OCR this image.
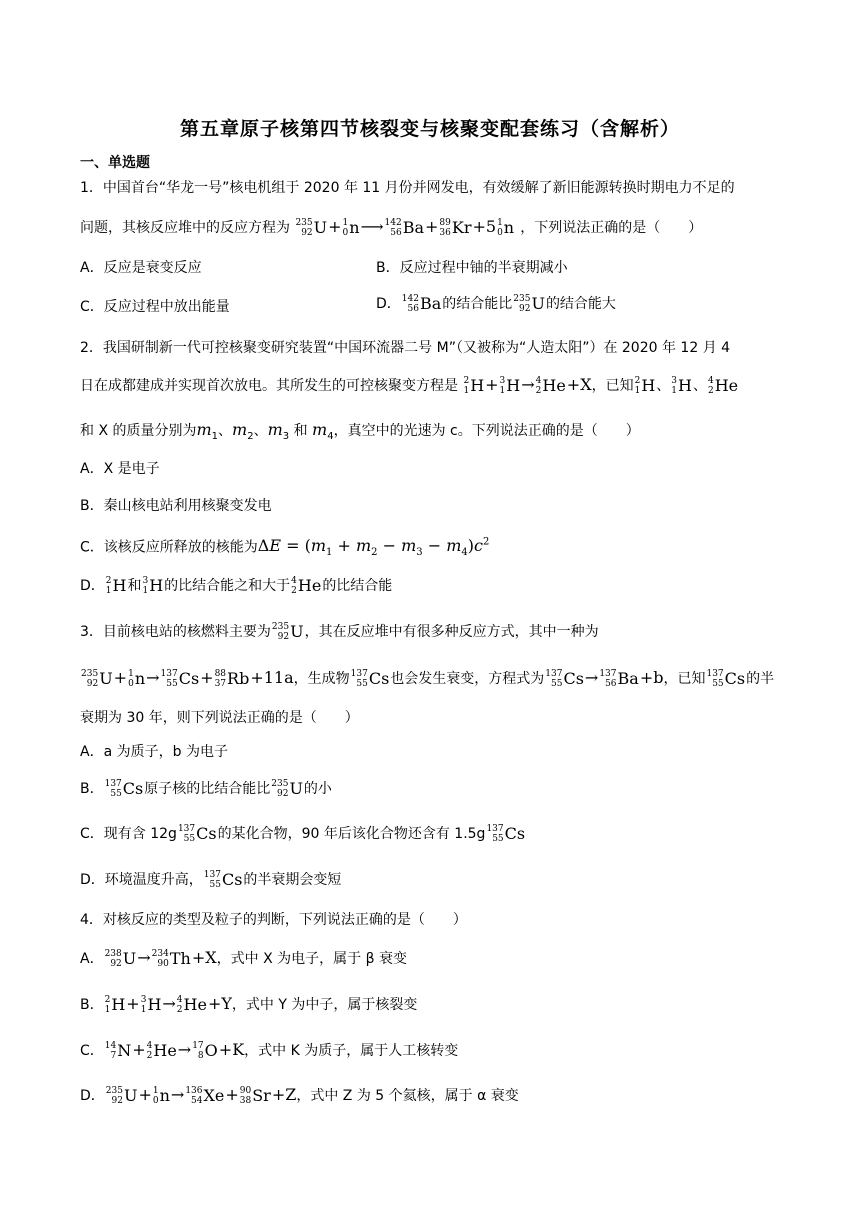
第五章原子核第四节核裂变与核聚变配套练习（含解析）
一、单选题
1．中国首台“华龙一号”核电机组于 2020 年 11 月份并网发电，有效缓解了新旧能源转换时期电力不足的
问题，其核反应堆中的反应方程为 235
92 U + 1
0 n ⟶ 142
56 Ba + 89
36 Kr +5 1
0 n ，下列说法正确的是（　　）
A．反应是衰变反应	B．反应过程中铀的半衰期减小
C．反应过程中放出能量	D． 142
56 Ba 的结合能比 235
92 U 的结合能大
2．我国研制新一代可控核聚变研究装置“中国环流器二号 M”（又被称为“人造太阳”）在 2020 年 12 月 4
日在成都建成并实现首次放电。其所发生的可控核聚变方程是 2
1 H + 3
1 H → 4
2 He +X，已知 2
1 H 、 3
1 H 、 4
2 He
和 X 的质量分别为$m_1$、$m_2$、$m_3$ 和 $m_4$，真空中的光速为 c。下列说法正确的是（　　）
A．X 是电子
B．秦山核电站利用核聚变发电
C．该核反应所释放的核能为$\Delta E = (m_1 + m_2 - m_3 - m_4)c^2$
D． 2
1 H 和 3
1 H 的比结合能之和大于 4
2 He 的比结合能
3．目前核电站的核燃料主要为 235
92 U ，其在反应堆中有很多种反应方式，其中一种为
235
92 U + 1
0 n → 137
55 Cs + 88
37 Rb +11a，生成物 137
55 Cs 也会发生衰变，方程式为 137
55 Cs → 137
56 Ba +b，已知 137
55 Cs 的半
衰期为 30 年，则下列说法正确的是（　　）
A．a 为质子，b 为电子
B． 137
55 Cs 原子核的比结合能比 235
92 U 的小
C．现有含 12g 137
55 Cs 的某化合物，90 年后该化合物还含有 1.5g 137
55 Cs
D．环境温度升高， 137
55 Cs 的半衰期会变短
4．对核反应的类型及粒子的判断，下列说法正确的是（　　）
A． 238
92 U → 234
90 Th +X，式中 X 为电子，属于 β 衰变
B． 2
1 H + 3
1 H → 4
2 He +Y，式中 Y 为中子，属于核裂变
C． 14
7 N + 4
2 He → 17
8 O +K，式中 K 为质子，属于人工核转变
D． 235
92 U + 1
0 n → 136
54 Xe + 90
38 Sr +Z，式中 Z 为 5 个氦核，属于 α 衰变
